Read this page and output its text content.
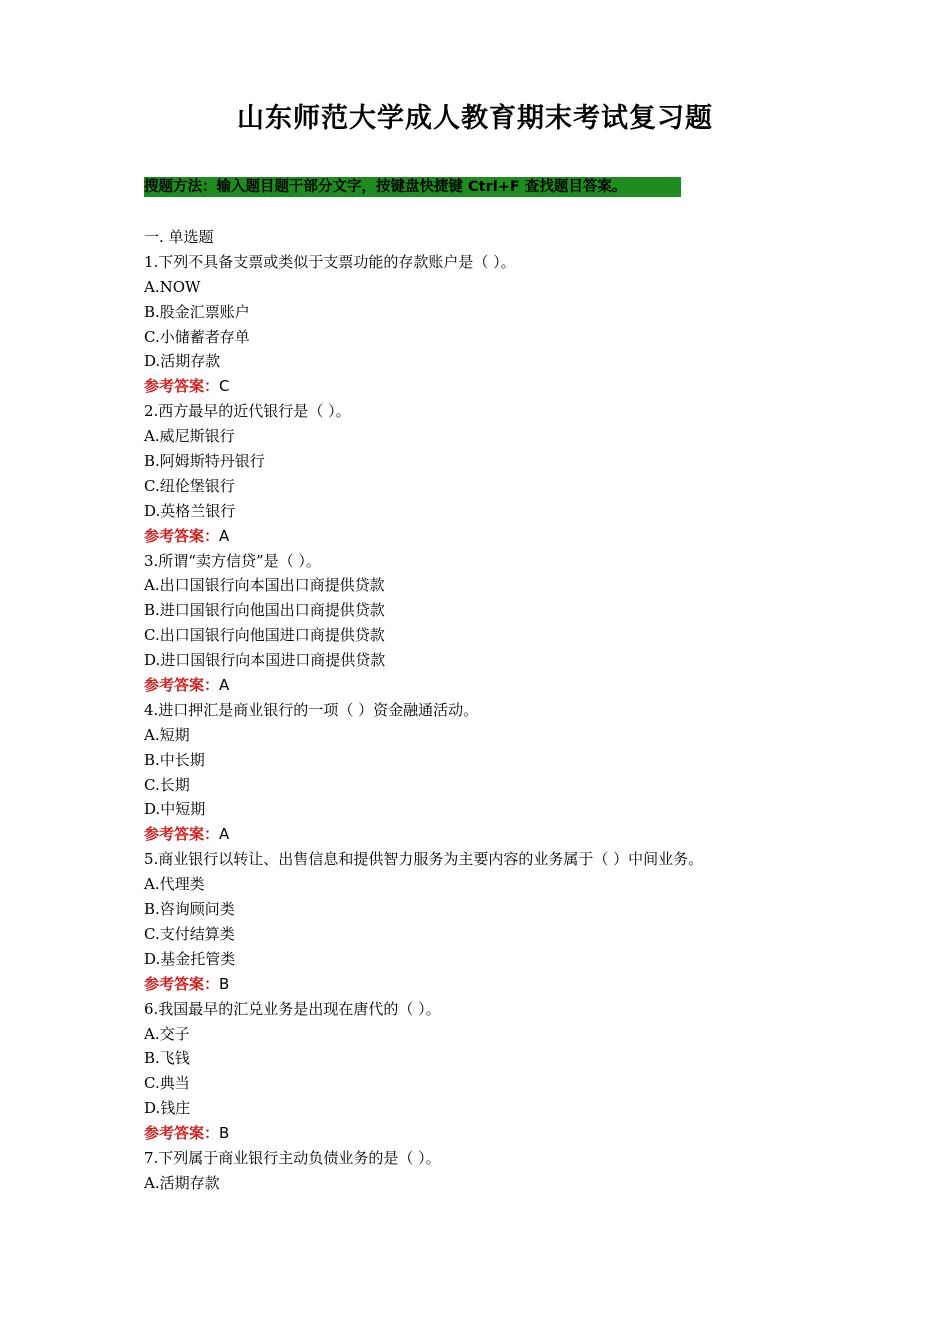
山东师范大学成人教育期末考试复习题
搜题方法：输入题目题干部分文字，按键盘快捷键 Ctrl+F 查找题目答案。
一. 单选题
1.下列不具备支票或类似于支票功能的存款账户是（ ）。
A.NOW
B.股金汇票账户
C.小储蓄者存单
D.活期存款
参考答案：C
2.西方最早的近代银行是（ ）。
A.威尼斯银行
B.阿姆斯特丹银行
C.纽伦堡银行
D.英格兰银行
参考答案：A
3.所谓“卖方信贷”是（ ）。
A.出口国银行向本国出口商提供贷款
B.进口国银行向他国出口商提供贷款
C.出口国银行向他国进口商提供贷款
D.进口国银行向本国进口商提供贷款
参考答案：A
4.进口押汇是商业银行的一项（ ）资金融通活动。
A.短期
B.中长期
C.长期
D.中短期
参考答案：A
5.商业银行以转让、出售信息和提供智力服务为主要内容的业务属于（ ）中间业务。
A.代理类
B.咨询顾问类
C.支付结算类
D.基金托管类
参考答案：B
6.我国最早的汇兑业务是出现在唐代的（ ）。
A.交子
B.飞钱
C.典当
D.钱庄
参考答案：B
7.下列属于商业银行主动负债业务的是（ ）。
A.活期存款
